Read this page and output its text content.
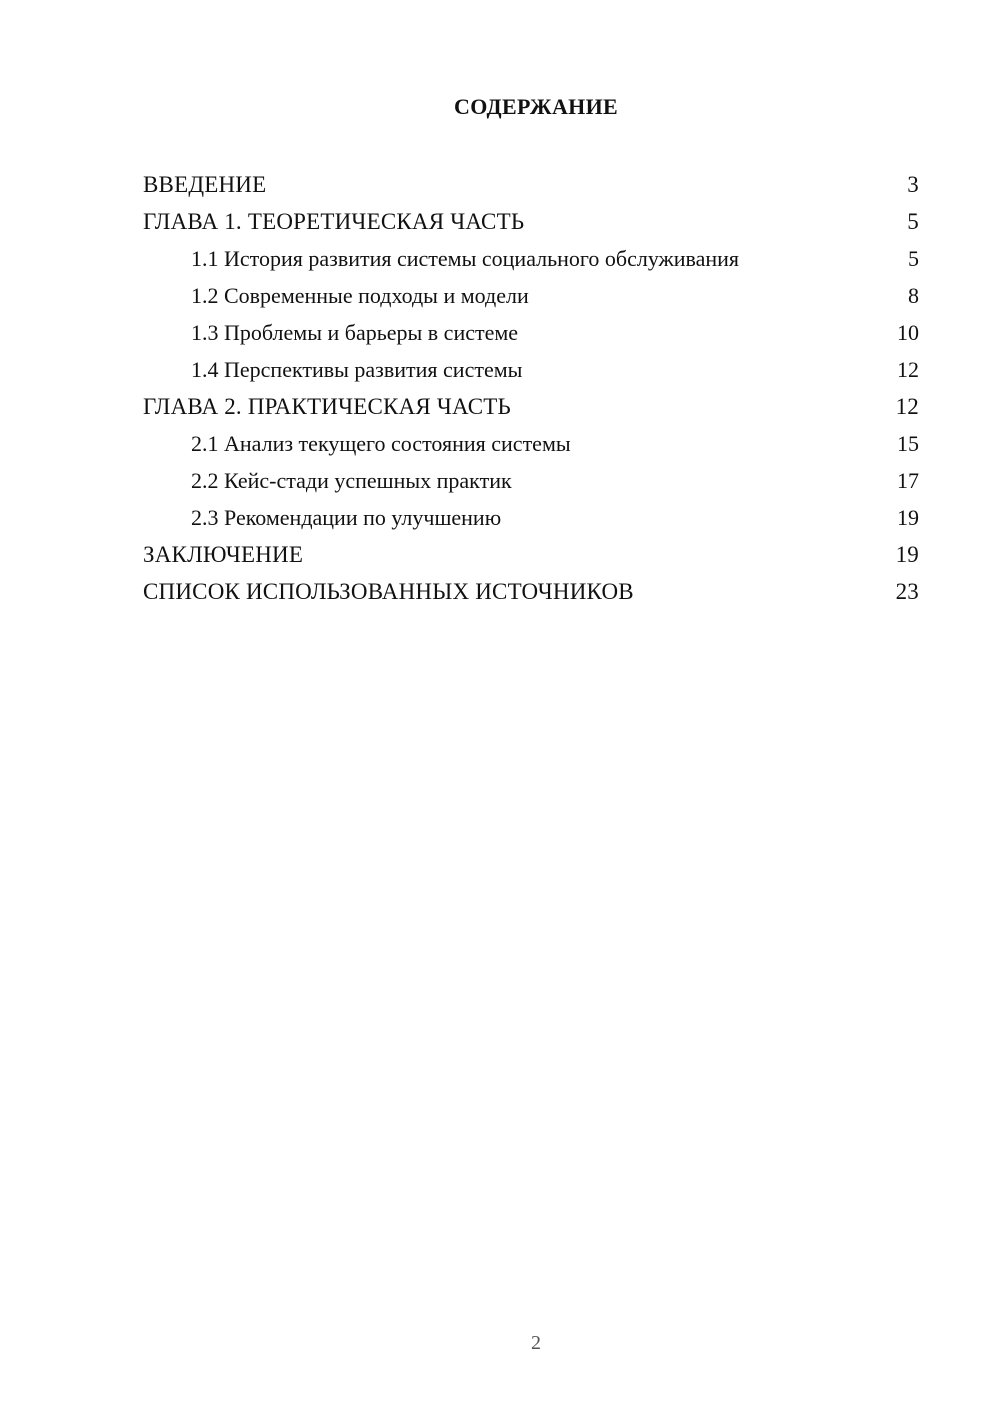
СОДЕРЖАНИЕ
ВВЕДЕНИЕ	3
ГЛАВА 1. ТЕОРЕТИЧЕСКАЯ ЧАСТЬ	5
1.1 История развития системы социального обслуживания	5
1.2 Современные подходы и модели	8
1.3 Проблемы и барьеры в системе	10
1.4 Перспективы развития системы	12
ГЛАВА 2. ПРАКТИЧЕСКАЯ ЧАСТЬ	12
2.1 Анализ текущего состояния системы	15
2.2 Кейс-стади успешных практик	17
2.3 Рекомендации по улучшению	19
ЗАКЛЮЧЕНИЕ	19
СПИСОК ИСПОЛЬЗОВАННЫХ ИСТОЧНИКОВ	23
2
